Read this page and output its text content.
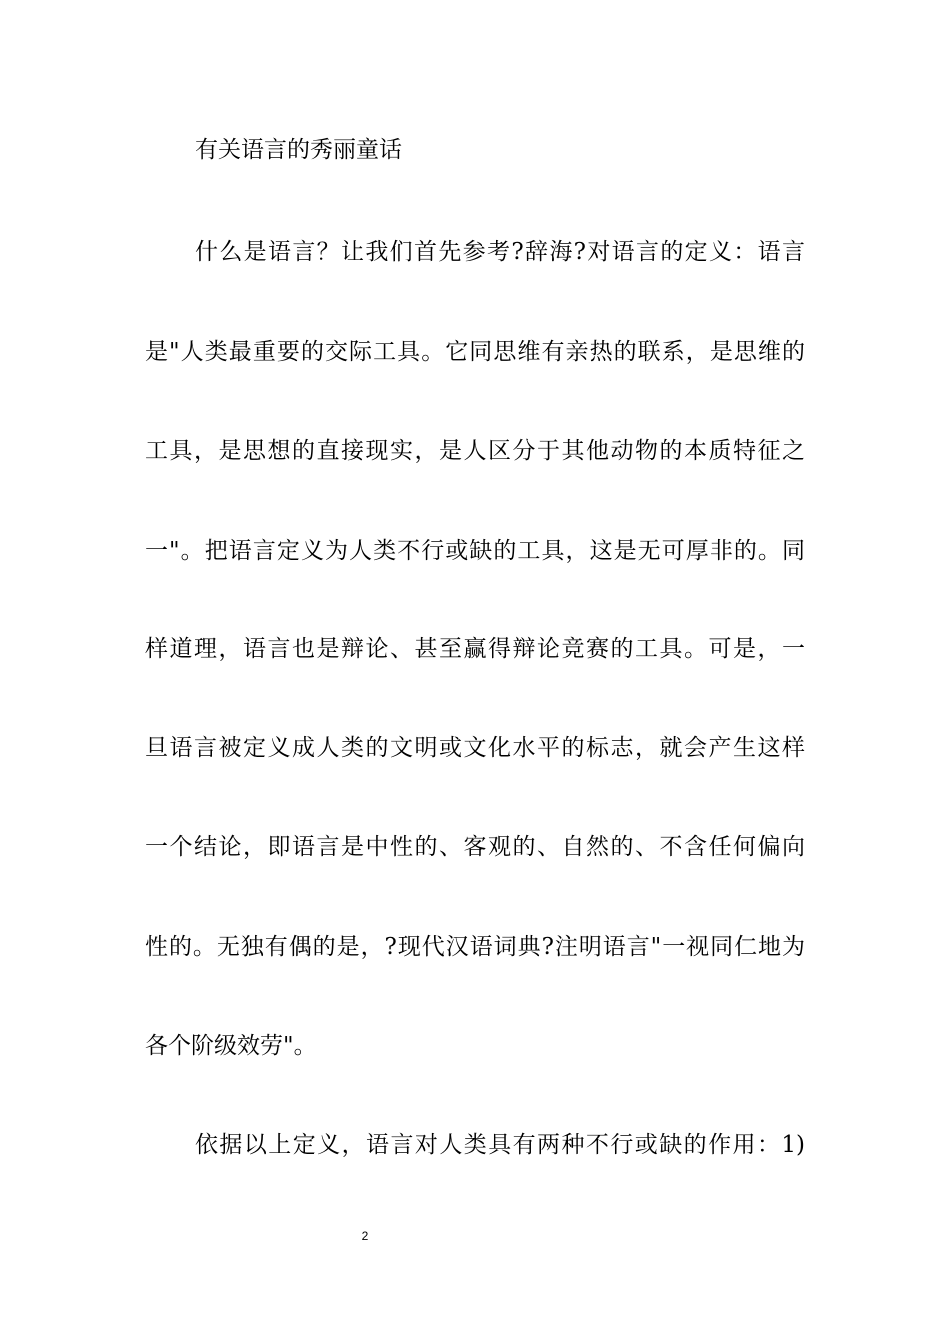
有关语言的秀丽童话
什么是语言？让我们首先参考?辞海?对语言的定义：语言
是"人类最重要的交际工具。它同思维有亲热的联系，是思维的
工具，是思想的直接现实，是人区分于其他动物的本质特征之
一"。把语言定义为人类不行或缺的工具，这是无可厚非的。同
样道理，语言也是辩论、甚至赢得辩论竞赛的工具。可是，一
旦语言被定义成人类的文明或文化水平的标志，就会产生这样
一个结论，即语言是中性的、客观的、自然的、不含任何偏向
性的。无独有偶的是，?现代汉语词典?注明语言"一视同仁地为
各个阶级效劳"。
依据以上定义，语言对人类具有两种不行或缺的作用：1)
2
